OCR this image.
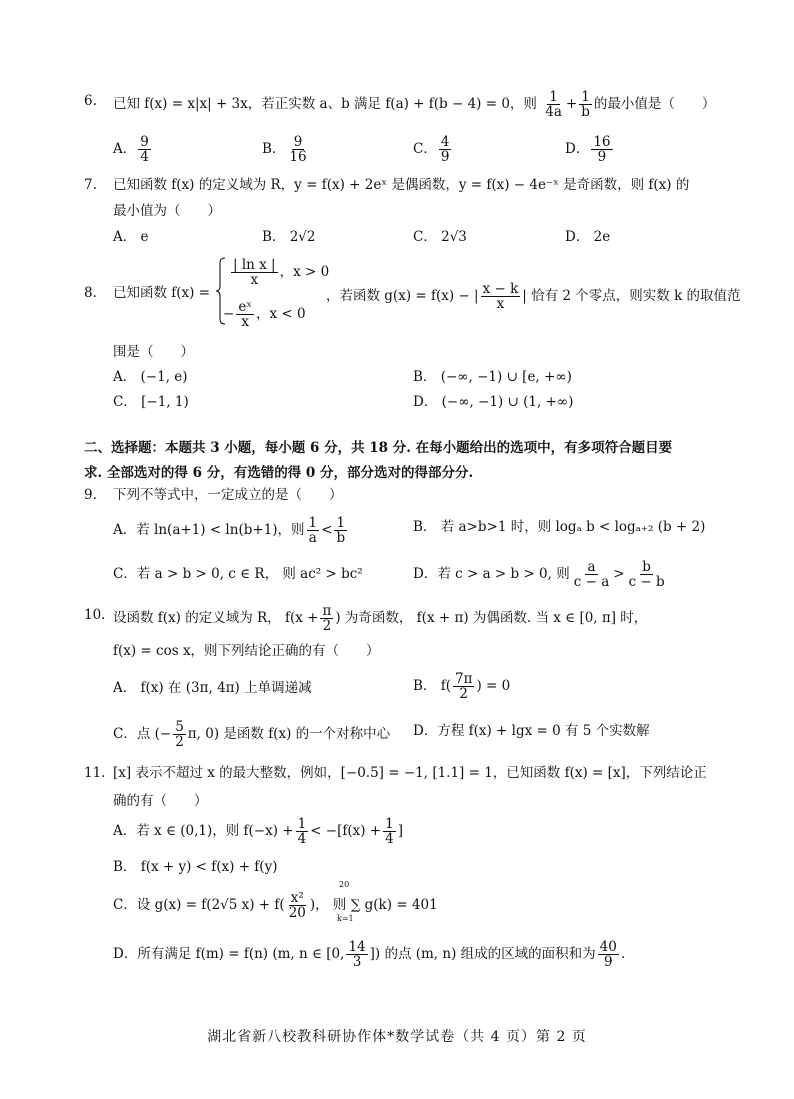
6. 已知 f(x) = x|x| + 3x，若正实数 a、b 满足 f(a) + f(b − 4) = 0，则 $\frac{1}{4a} + \frac{1}{b}$ 的最小值是（　　）
A． $\frac{9}{4}$	B． $\frac{9}{16}$	C． $\frac{4}{9}$	D． $\frac{16}{9}$
7. 已知函数 f(x) 的定义域为 R，y = f(x) + 2eˣ 是偶函数，y = f(x) − 4e⁻ˣ 是奇函数，则 f(x) 的
最小值为（　　）
A． e	B． 2√2	C． 2√3	D． 2e
8. 已知函数 f(x) =
$\frac{\text{| ln x |}}{x}$ ，x > 0
− $\frac{\text{eˣ}}{x}$ ，x < 0
，若函数 g(x) = f(x) − | $\frac{x - k}{x}$ | 恰有 2 个零点，则实数 k 的取值范
围是（　　）
A． (−1, e)	B． (−∞, −1) ∪ [e, +∞)
C． [−1, 1)	D． (−∞, −1) ∪ (1, +∞)
二、选择题：本题共 3 小题，每小题 6 分，共 18 分. 在每小题给出的选项中，有多项符合题目要
求. 全部选对的得 6 分，有选错的得 0 分，部分选对的得部分分.
9. 下列不等式中，一定成立的是（　　）
A．若 ln(a+1) < ln(b+1)，则 $\frac{1}{a} < \frac{1}{b}$	B． 若 a>b>1 时，则 logₐ b < logₐ₊₂ (b + 2)
C．若 a > b > 0, c ∈ R， 则 ac² > bc²	D．若 c > a > b > 0, 则 $\frac{a}{c - a} > \frac{b}{c - b}$
10. 设函数 f(x) 的定义域为 R， $f(x + \frac{\pi}{2}$ ) 为奇函数， f(x + π) 为偶函数. 当 x ∈ [0, π] 时，
f(x) = cos x，则下列结论正确的有（　　）
A． f(x) 在 (3π, 4π) 上单调递减	B． $f( \frac{7\pi}{2}$ ) = 0
C．点 (− $\frac{5}{2} \pi$, 0) 是函数 f(x) 的一个对称中心 D．方程 f(x) + lgx = 0 有 5 个实数解
11. [x] 表示不超过 x 的最大整数，例如，[−0.5] = −1, [1.1] = 1，已知函数 f(x) = [x]，下列结论正
确的有（　　）
A．若 x ∈ (0,1)，则 $f(-x) + \frac{1}{4} < -[f(x) + \frac{1}{4}$ ]
B． f(x + y) < f(x) + f(y)
C．设 g(x) = f(2√5 $x) + f( \frac{\text{x²}}{20}$ )， 则 ∑ g(k) = 401
20
k=1
D．所有满足 f(m) = f(n) (m, n ∈ [0, $\frac{14}{3}$ ]) 的点 (m, n) 组成的区域的面积和为 $\frac{40}{9}$ .
湖北省新八校教科研协作体*数学试卷（共 4 页）第 2 页
